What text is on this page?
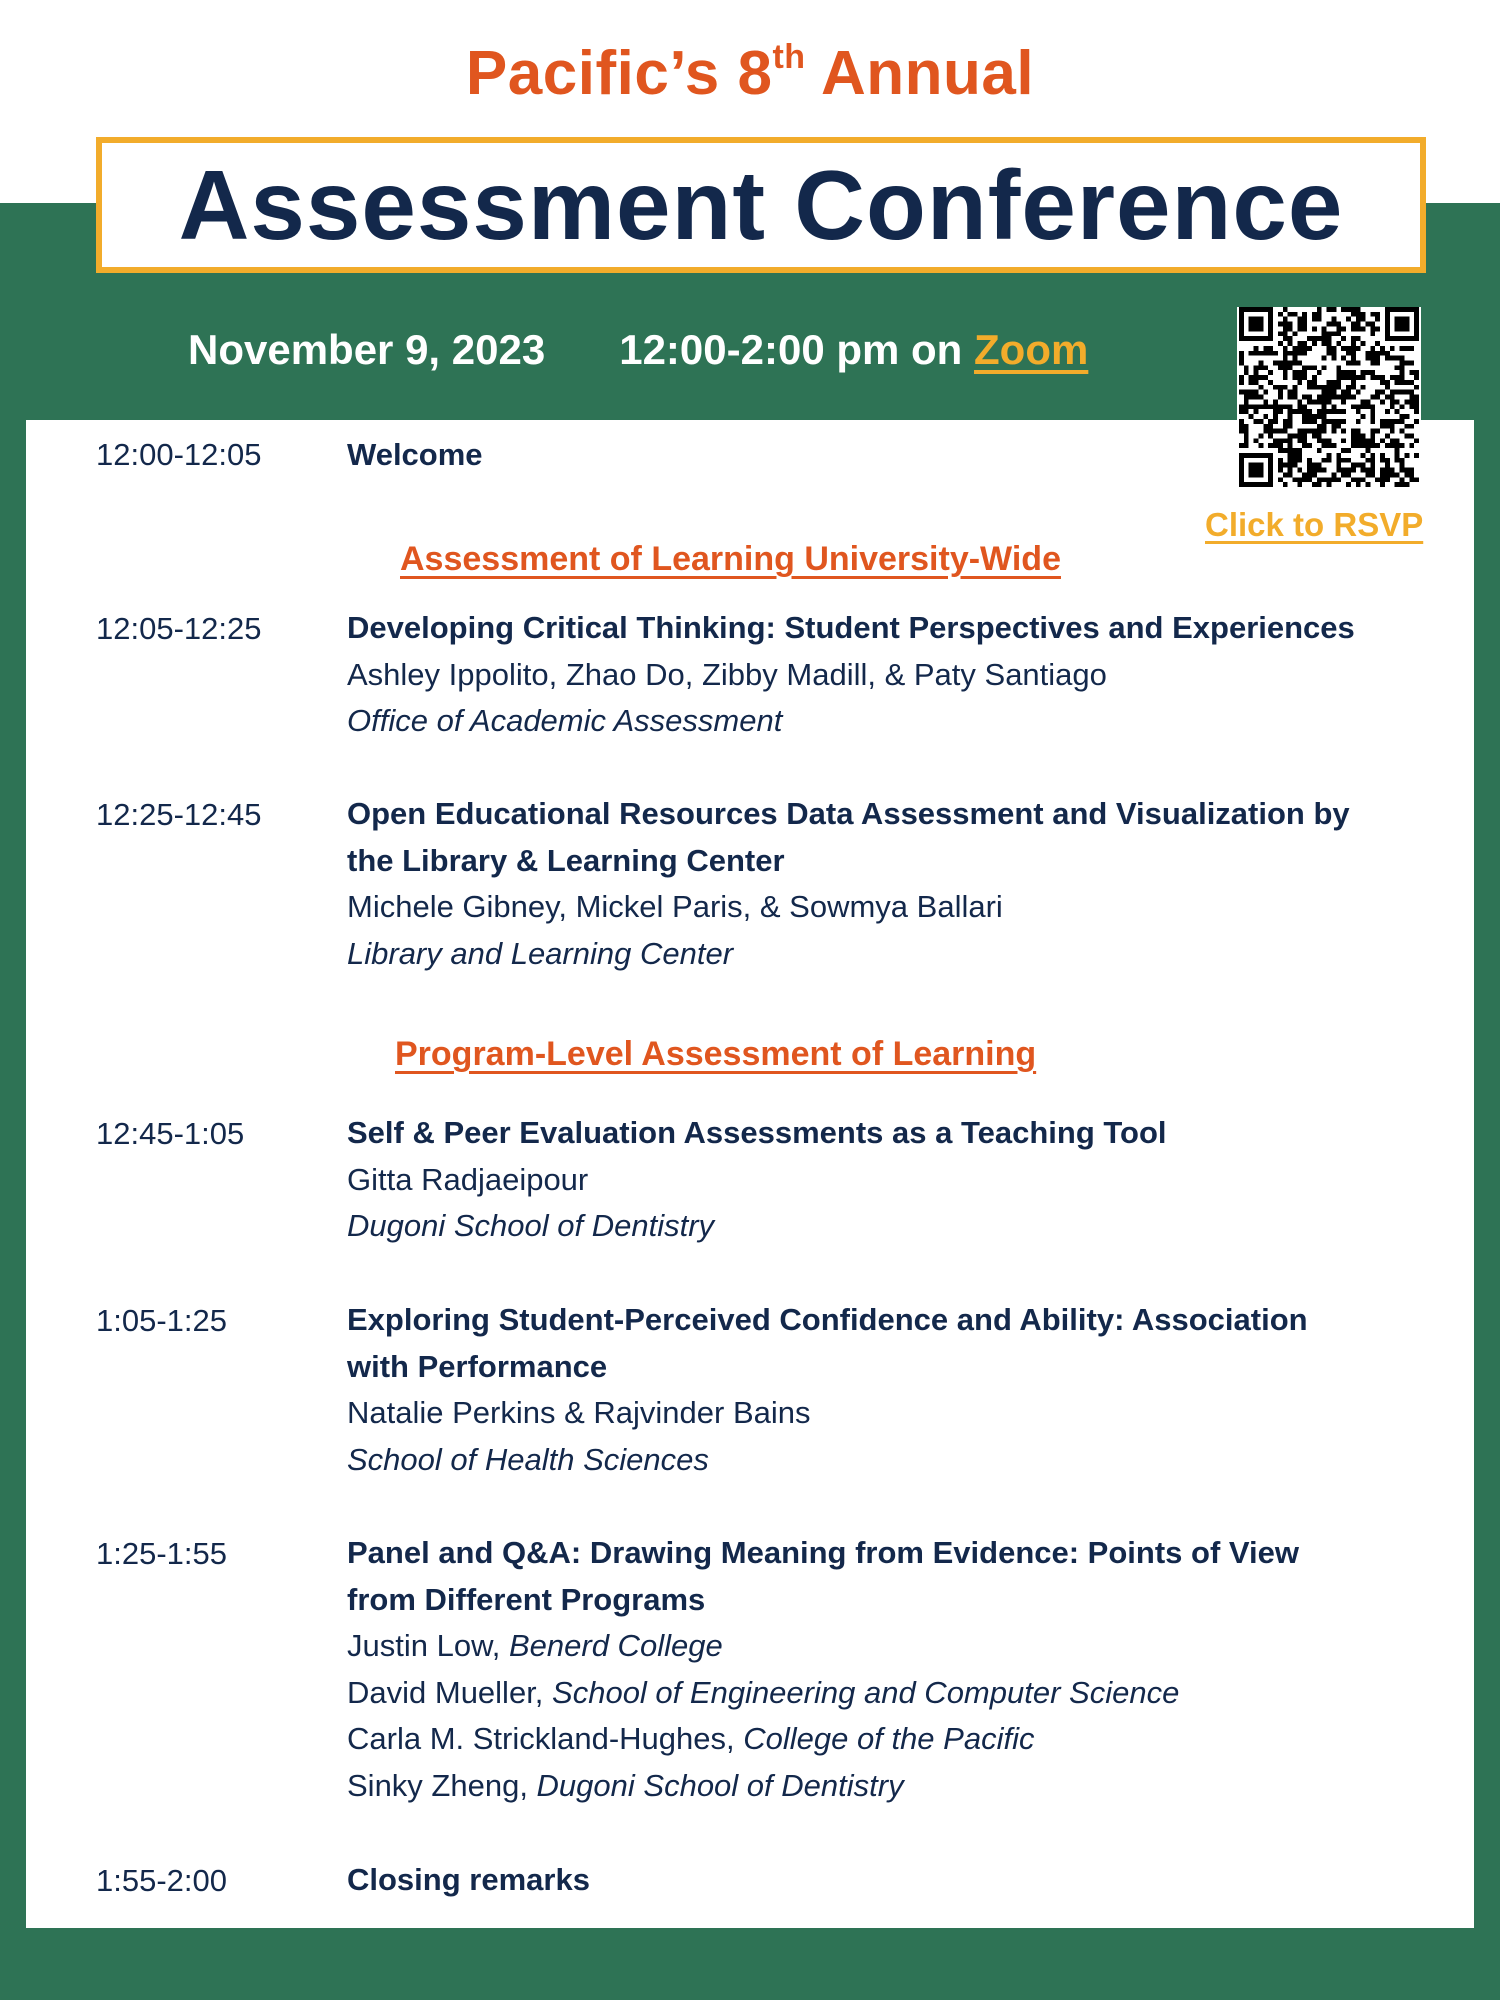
Pacific’s 8th Annual
Assessment Conference
November 9, 2023 12:00-2:00 pm on Zoom
Click to RSVP
12:00-12:05	Welcome
Assessment of Learning University-Wide
12:05-12:25	Developing Critical Thinking: Student Perspectives and Experiences
Ashley Ippolito, Zhao Do, Zibby Madill, & Paty Santiago
Office of Academic Assessment
12:25-12:45	Open Educational Resources Data Assessment and Visualization by
the Library & Learning Center
Michele Gibney, Mickel Paris, & Sowmya Ballari
Library and Learning Center
Program-Level Assessment of Learning
12:45-1:05	Self & Peer Evaluation Assessments as a Teaching Tool
Gitta Radjaeipour
Dugoni School of Dentistry
1:05-1:25	Exploring Student-Perceived Confidence and Ability: Association
with Performance
Natalie Perkins & Rajvinder Bains
School of Health Sciences
1:25-1:55	Panel and Q&A: Drawing Meaning from Evidence: Points of View
from Different Programs
Justin Low, Benerd College
David Mueller, School of Engineering and Computer Science
Carla M. Strickland-Hughes, College of the Pacific
Sinky Zheng, Dugoni School of Dentistry
1:55-2:00	Closing remarks
